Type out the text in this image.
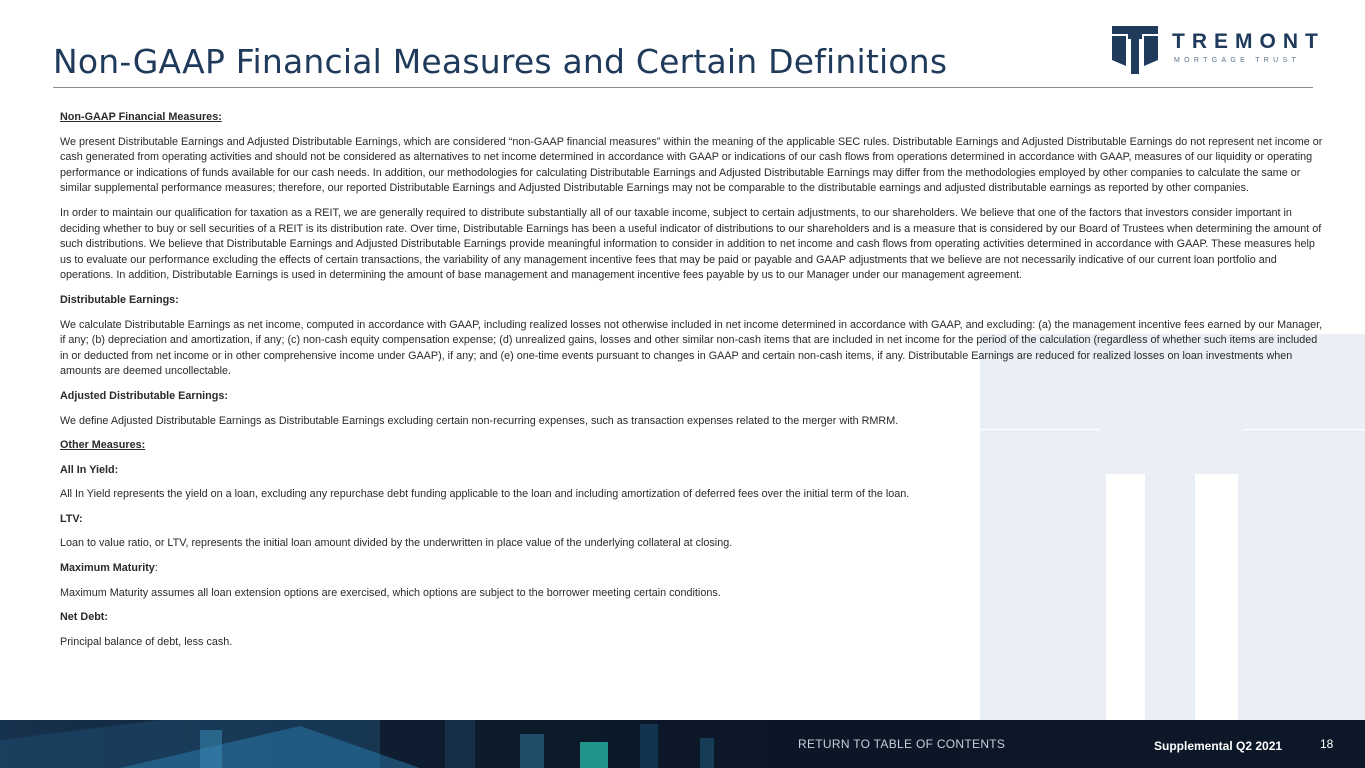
Non-GAAP Financial Measures and Certain Definitions
TREMONT
MORTGAGE TRUST

Non-GAAP Financial Measures:

We present Distributable Earnings and Adjusted Distributable Earnings, which are considered “non-GAAP financial measures” within the meaning of the applicable SEC rules. Distributable Earnings and Adjusted Distributable Earnings do not represent net income or cash generated from operating activities and should not be considered as alternatives to net income determined in accordance with GAAP or indications of our cash flows from operations determined in accordance with GAAP, measures of our liquidity or operating performance or indications of funds available for our cash needs. In addition, our methodologies for calculating Distributable Earnings and Adjusted Distributable Earnings may differ from the methodologies employed by other companies to calculate the same or similar supplemental performance measures; therefore, our reported Distributable Earnings and Adjusted Distributable Earnings may not be comparable to the distributable earnings and adjusted distributable earnings as reported by other companies.

In order to maintain our qualification for taxation as a REIT, we are generally required to distribute substantially all of our taxable income, subject to certain adjustments, to our shareholders. We believe that one of the factors that investors consider important in deciding whether to buy or sell securities of a REIT is its distribution rate. Over time, Distributable Earnings has been a useful indicator of distributions to our shareholders and is a measure that is considered by our Board of Trustees when determining the amount of such distributions. We believe that Distributable Earnings and Adjusted Distributable Earnings provide meaningful information to consider in addition to net income and cash flows from operating activities determined in accordance with GAAP. These measures help us to evaluate our performance excluding the effects of certain transactions, the variability of any management incentive fees that may be paid or payable and GAAP adjustments that we believe are not necessarily indicative of our current loan portfolio and operations. In addition, Distributable Earnings is used in determining the amount of base management and management incentive fees payable by us to our Manager under our management agreement.

Distributable Earnings:

We calculate Distributable Earnings as net income, computed in accordance with GAAP, including realized losses not otherwise included in net income determined in accordance with GAAP, and excluding: (a) the management incentive fees earned by our Manager, if any; (b) depreciation and amortization, if any; (c) non-cash equity compensation expense; (d) unrealized gains, losses and other similar non-cash items that are included in net income for the period of the calculation (regardless of whether such items are included in or deducted from net income or in other comprehensive income under GAAP), if any; and (e) one-time events pursuant to changes in GAAP and certain non-cash items, if any. Distributable Earnings are reduced for realized losses on loan investments when amounts are deemed uncollectable.

Adjusted Distributable Earnings:

We define Adjusted Distributable Earnings as Distributable Earnings excluding certain non-recurring expenses, such as transaction expenses related to the merger with RMRM.

Other Measures:

All In Yield:

All In Yield represents the yield on a loan, excluding any repurchase debt funding applicable to the loan and including amortization of deferred fees over the initial term of the loan.

LTV:

Loan to value ratio, or LTV, represents the initial loan amount divided by the underwritten in place value of the underlying collateral at closing.

Maximum Maturity:

Maximum Maturity assumes all loan extension options are exercised, which options are subject to the borrower meeting certain conditions.

Net Debt:

Principal balance of debt, less cash.

RETURN TO TABLE OF CONTENTS	Supplemental Q2 2021	18
